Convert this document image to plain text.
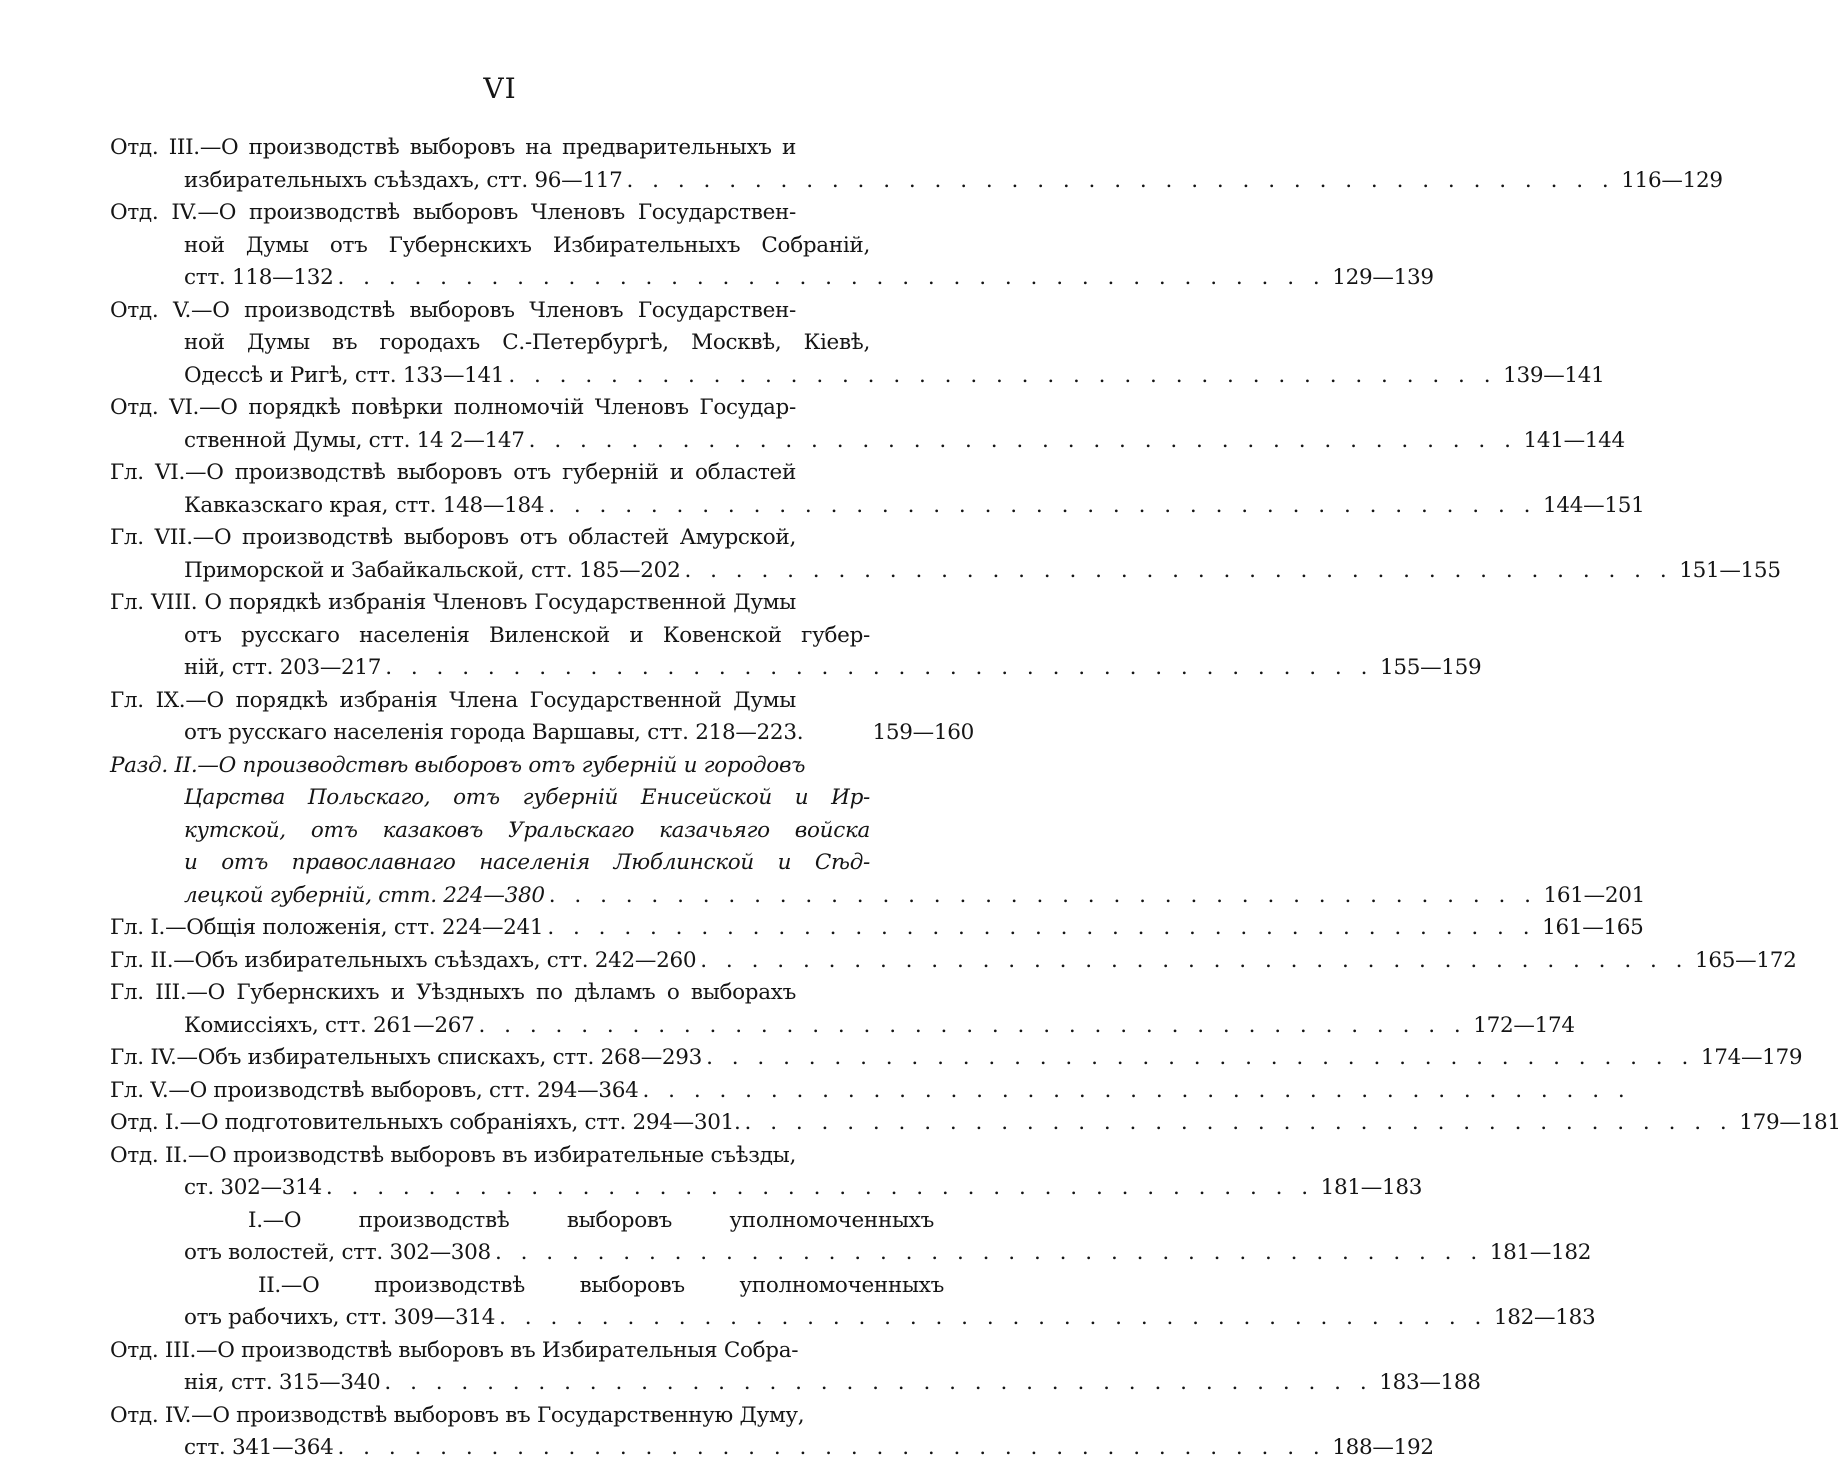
VI
Отд. III.—О производствѣ выборовъ на предварительныхъ и
избирательныхъ съѣздахъ, стт. 96—117 . . . . . . . . . . . . . . . . . . . . . . . . . . . . . . . . . . . . . . . 116—129
Отд. IV.—О производствѣ выборовъ Членовъ Государствен-
ной Думы отъ Губернскихъ Избирательныхъ Собраній,
стт. 118—132 . . . . . . . . . . . . . . . . . . . . . . . . . . . . . . . . . . . . . . . 129—139
Отд. V.—О производствѣ выборовъ Членовъ Государствен-
ной Думы въ городахъ С.-Петербургѣ, Москвѣ, Кіевѣ,
Одессѣ и Ригѣ, стт. 133—141 . . . . . . . . . . . . . . . . . . . . . . . . . . . . . . . . . . . . . . . 139—141
Отд. VI.—О порядкѣ повѣрки полномочій Членовъ Государ-
ственной Думы, стт. 14 2—147 . . . . . . . . . . . . . . . . . . . . . . . . . . . . . . . . . . . . . . . 141—144
Гл. VI.—О производствѣ выборовъ отъ губерній и областей
Кавказскаго края, стт. 148—184 . . . . . . . . . . . . . . . . . . . . . . . . . . . . . . . . . . . . . . . 144—151
Гл. VII.—О производствѣ выборовъ отъ областей Амурской,
Приморской и Забайкальской, стт. 185—202 . . . . . . . . . . . . . . . . . . . . . . . . . . . . . . . . . . . . . . . 151—155
Гл. VIII. О порядкѣ избранія Членовъ Государственной Думы
отъ русскаго населенія Виленской и Ковенской губер-
ній, стт. 203—217 . . . . . . . . . . . . . . . . . . . . . . . . . . . . . . . . . . . . . . . 155—159
Гл. IX.—О порядкѣ избранія Члена Государственной Думы
отъ русскаго населенія города Варшавы, стт. 218—223.	159—160
Разд. II.—О производствѣ выборовъ отъ губерній и городовъ
Царства Польскаго, отъ губерній Енисейской и Ир-
кутской, отъ казаковъ Уральскаго казачьяго войска
и отъ православнаго населенія Люблинской и Сѣд-
лецкой губерній, стт. 224—380 . . . . . . . . . . . . . . . . . . . . . . . . . . . . . . . . . . . . . . . 161—201
Гл. I.—Общія положенія, стт. 224—241 . . . . . . . . . . . . . . . . . . . . . . . . . . . . . . . . . . . . . . . 161—165
Гл. II.—Объ избирательныхъ съѣздахъ, стт. 242—260 . . . . . . . . . . . . . . . . . . . . . . . . . . . . . . . . . . . . . . . 165—172
Гл. III.—О Губернскихъ и Уѣздныхъ по дѣламъ о выборахъ
Комиссіяхъ, стт. 261—267 . . . . . . . . . . . . . . . . . . . . . . . . . . . . . . . . . . . . . . . 172—174
Гл. IV.—Объ избирательныхъ спискахъ, стт. 268—293 . . . . . . . . . . . . . . . . . . . . . . . . . . . . . . . . . . . . . . . 174—179
Гл. V.—О производствѣ выборовъ, стт. 294—364 . . . . . . . . . . . . . . . . . . . . . . . . . . . . . . . . . . . . . . .
Отд. I.—О подготовительныхъ собраніяхъ, стт. 294—301. . . . . . . . . . . . . . . . . . . . . . . . . . . . . . . . . . . . . . . . 179—181
Отд. II.—О производствѣ выборовъ въ избирательные съѣзды,
ст. 302—314 . . . . . . . . . . . . . . . . . . . . . . . . . . . . . . . . . . . . . . . 181—183
I.—О производствѣ выборовъ уполномоченныхъ
отъ волостей, стт. 302—308 . . . . . . . . . . . . . . . . . . . . . . . . . . . . . . . . . . . . . . . 181—182
II.—О производствѣ выборовъ уполномоченныхъ
отъ рабочихъ, стт. 309—314 . . . . . . . . . . . . . . . . . . . . . . . . . . . . . . . . . . . . . . . 182—183
Отд. III.—О производствѣ выборовъ въ Избирательныя Собра-
нія, стт. 315—340 . . . . . . . . . . . . . . . . . . . . . . . . . . . . . . . . . . . . . . . 183—188
Отд. IV.—О производствѣ выборовъ въ Государственную Думу,
стт. 341—364 . . . . . . . . . . . . . . . . . . . . . . . . . . . . . . . . . . . . . . . 188—192
